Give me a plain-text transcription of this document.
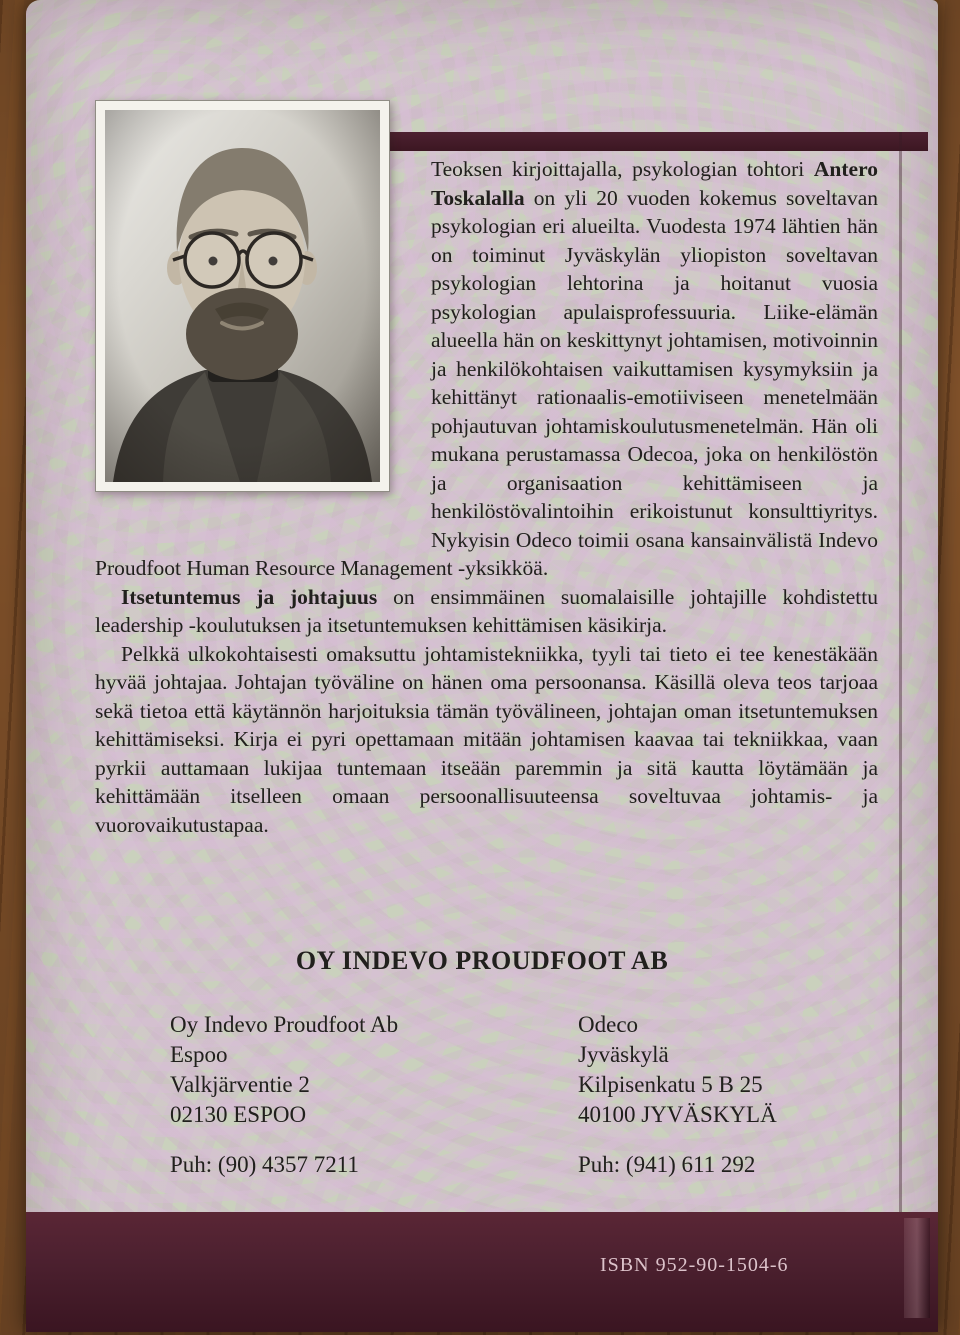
Teoksen kirjoittajalla, psykologian tohtori Antero Toskalalla on yli 20 vuoden kokemus soveltavan psykologian eri alueilta. Vuodesta 1974 lähtien hän on toiminut Jyväskylän yliopiston soveltavan psykologian lehtorina ja hoitanut vuosia psykologian apulaisprofessuuria. Liike-elämän alueella hän on keskittynyt johtamisen, motivoinnin ja henkilökohtaisen vaikuttamisen kysymyksiin ja kehittänyt rationaalis-emotiiviseen menetelmään pohjautuvan johtamiskoulutusmenetelmän. Hän oli mukana perustamassa Odecoa, joka on henkilöstön ja organisaation kehittämiseen ja henkilöstövalintoihin erikoistunut konsulttiyritys. Nykyisin Odeco toimii osana kansainvälistä Indevo Proudfoot Human Resource Management -yksikköä.

Itsetuntemus ja johtajuus on ensimmäinen suomalaisille johtajille kohdistettu leadership -koulutuksen ja itsetuntemuksen kehittämisen käsikirja.

Pelkkä ulkokohtaisesti omaksuttu johtamistekniikka, tyyli tai tieto ei tee kenestäkään hyvää johtajaa. Johtajan työväline on hänen oma persoonansa. Käsillä oleva teos tarjoaa sekä tietoa että käytännön harjoituksia tämän työvälineen, johtajan oman itsetuntemuksen kehittämiseksi. Kirja ei pyri opettamaan mitään johtamisen kaavaa tai tekniikkaa, vaan pyrkii auttamaan lukijaa tuntemaan itseään paremmin ja sitä kautta löytämään ja kehittämään itselleen omaan persoonallisuuteensa soveltuvaa johtamis- ja vuorovaikutustapaa.

OY INDEVO PROUDFOOT AB
Oy Indevo Proudfoot Ab
Espoo
Valkjärventie 2
02130 ESPOO
Puh: (90) 4357 7211
Odeco
Jyväskylä
Kilpisenkatu 5 B 25
40100 JYVÄSKYLÄ
Puh: (941) 611 292
ISBN 952-90-1504-6
